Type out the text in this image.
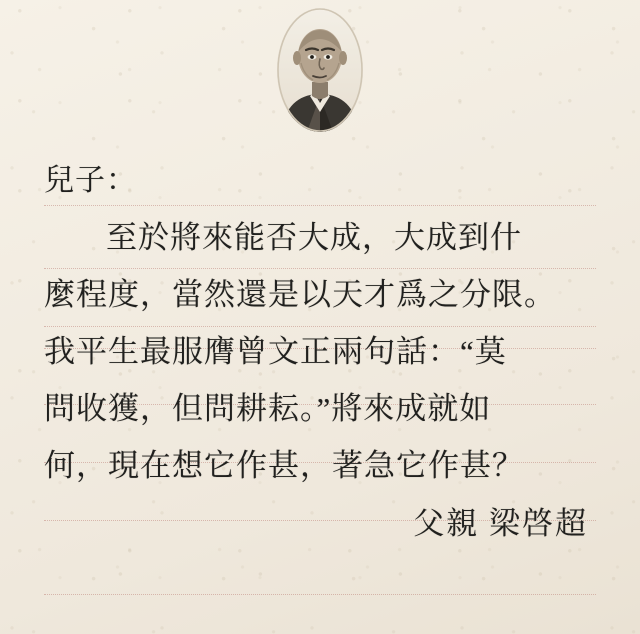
兒子：
至於將來能否大成，大成到什
麼程度，當然還是以天才爲之分限。
我平生最服膺曾文正兩句話：“莫
問收獲，但問耕耘。”將來成就如
何，現在想它作甚，著急它作甚？
父親 梁啓超
